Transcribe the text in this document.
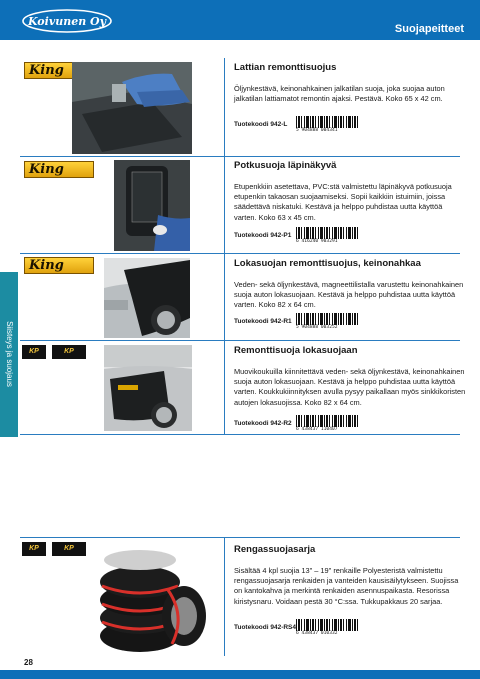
Koivunen Oy
Suojapeitteet
Siisteys ja suojaus
King
King
King
KP	KP
KP	KP
Lattian remonttisuojus

Öljynkestävä, keinonahkainen jalkatilan suoja, joka suojaa auton jalkatilan lattiamatot remontin ajaksi. Pestävä. Koko 65 x 42 cm.

Tuotekoodi 942-L
5 904888 004341
Potkusuoja läpinäkyvä

Etupenkkiin asetettava, PVC:stä valmistettu läpinäkyvä potkusuoja etupenkin takaosan suojaamiseksi. Sopii kaikkiin istuimiin, joissa säädettävä niskatuki. Kestävä ja helppo puhdistaa uutta käyttöä varten. Koko 63 x 45 cm.

Tuotekoodi 942-P1
6 416240 903291
Lokasuojan remonttisuojus, keinonahkaa

Veden- sekä öljynkestävä, magneettilistalla varustettu keinonahkainen suoja auton lokasuojaan. Kestävä ja helppo puhdistaa uutta käyttöä varten. Koko 82 x 64 cm.

Tuotekoodi 942-R1
5 904888 003252
Remonttisuoja lokasuojaan

Muovikoukuilla kiinnitettävä veden- sekä öljynkestävä, keinonahkainen suoja auton lokasuojaan. Kestävä ja helppo puhdistaa uutta käyttöä varten. Koukkukiinnityksen avulla pysyy paikallaan myös sinkkikoristen autojen lokasuojissa. Koko 82 x 64 cm.

Tuotekoodi 942-R2
6 438437 110407
Rengassuojasarja

Sisältää 4 kpl suojia 13" – 19" renkaille Polyesteristä valmistettu rengassuojasarja renkaiden ja vanteiden kausisäilytykseen. Suojissa on kantokahva ja merkintä renkaiden asennuspaikasta. Resorissa kiristysnaru. Voidaan pestä 30 °C:ssa. Tukkupakkaus 20 sarjaa.

Tuotekoodi 942-RS4
6 438437 010332
28
